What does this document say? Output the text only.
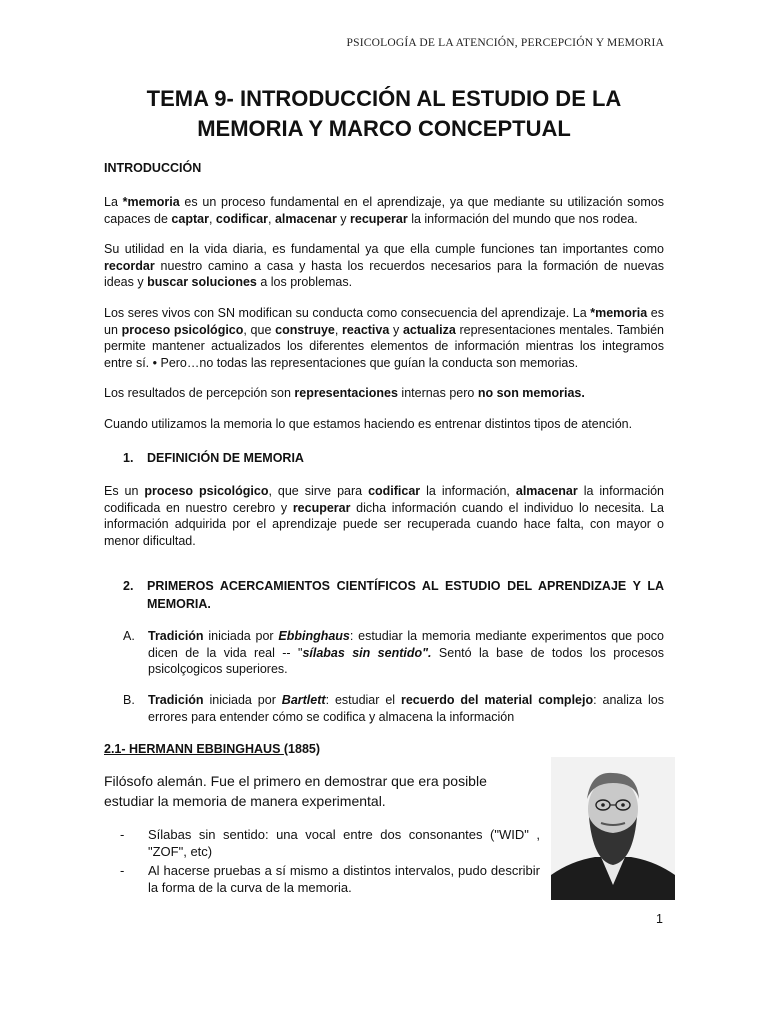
PSICOLOGÍA DE LA ATENCIÓN, PERCEPCIÓN Y MEMORIA
TEMA 9- INTRODUCCIÓN AL ESTUDIO DE LA
MEMORIA Y MARCO CONCEPTUAL
INTRODUCCIÓN
La *memoria es un proceso fundamental en el aprendizaje, ya que mediante su utilización somos capaces de captar, codificar, almacenar y recuperar la información del mundo que nos rodea.
Su utilidad en la vida diaria, es fundamental ya que ella cumple funciones tan importantes como recordar nuestro camino a casa y hasta los recuerdos necesarios para la formación de nuevas ideas y buscar soluciones a los problemas.
Los seres vivos con SN modifican su conducta como consecuencia del aprendizaje. La *memoria es un proceso psicológico, que construye, reactiva y actualiza representaciones mentales. También permite mantener actualizados los diferentes elementos de información mientras los integramos entre sí. • Pero…no todas las representaciones que guían la conducta son memorias.
Los resultados de percepción son representaciones internas pero no son memorias.
Cuando utilizamos la memoria lo que estamos haciendo es entrenar distintos tipos de atención.
1.	DEFINICIÓN DE MEMORIA
Es un proceso psicológico, que sirve para codificar la información, almacenar la información codificada en nuestro cerebro y recuperar dicha información cuando el individuo lo necesita. La información adquirida por el aprendizaje puede ser recuperada cuando hace falta, con mayor o menor dificultad.
2.	PRIMEROS ACERCAMIENTOS CIENTÍFICOS AL ESTUDIO DEL APRENDIZAJE Y LA MEMORIA.
A.	Tradición iniciada por Ebbinghaus: estudiar la memoria mediante experimentos que poco dicen de la vida real -- "sílabas sin sentido". Sentó la base de todos los procesos psicolçogicos superiores.
B.	Tradición iniciada por Bartlett: estudiar el recuerdo del material complejo: analiza los errores para entender cómo se codifica y almacena la información
2.1- HERMANN EBBINGHAUS (1885)
Filósofo alemán. Fue el primero en demostrar que era posible estudiar la memoria de manera experimental.
-	Sílabas sin sentido: una vocal entre dos consonantes ("WID" , "ZOF", etc)
-	Al hacerse pruebas a sí mismo a distintos intervalos, pudo describir la forma de la curva de la memoria.
1
